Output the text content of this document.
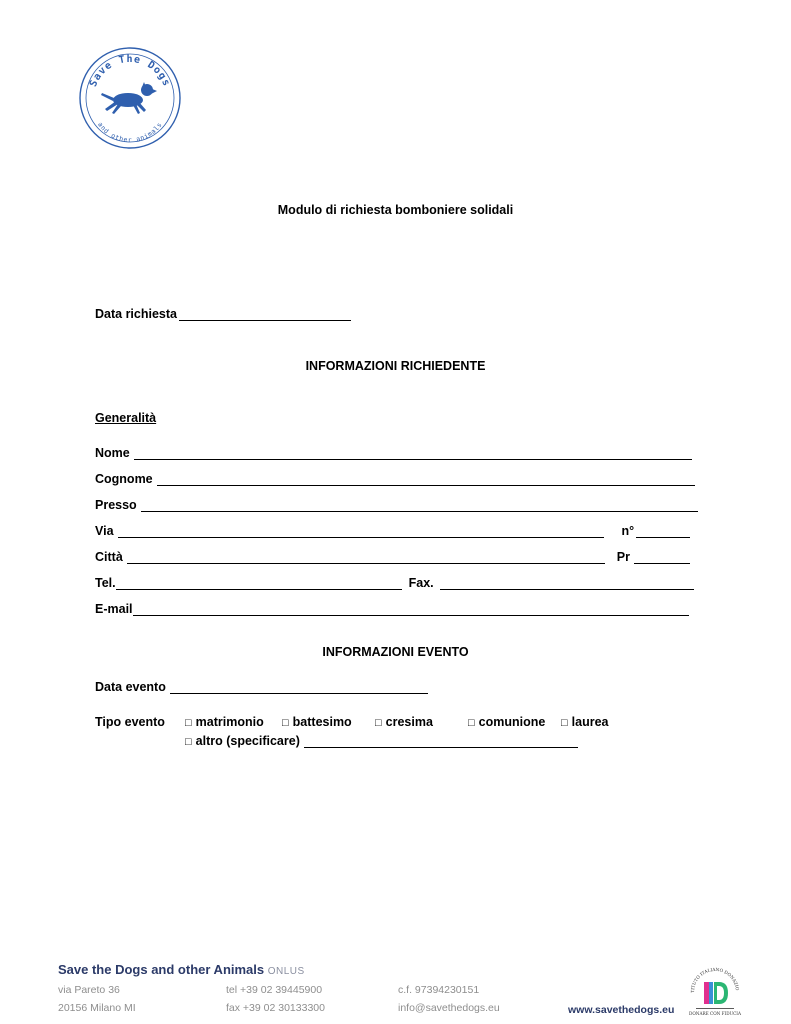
Save The Dogs
and other animals
Modulo di richiesta bomboniere solidali
Data richiesta
INFORMAZIONI RICHIEDENTE
Generalità
Nome
Cognome
Presso
Via	n°
Città	Pr
Tel.	Fax.
E-mail
INFORMAZIONI EVENTO
Data evento
Tipo evento □ matrimonio □ battesimo □ cresima	□ comunione □ laurea
□ altro (specificare)
Save the Dogs and other Animals ONLUS
via Pareto 36
20156 Milano MI
tel +39 02 39445900
fax +39 02 30133300
c.f. 97394230151
info@savethedogs.eu	www.savethedogs.eu
TITUTO ITALIANO DONAZIO
DONARE CON FIDUCIA
